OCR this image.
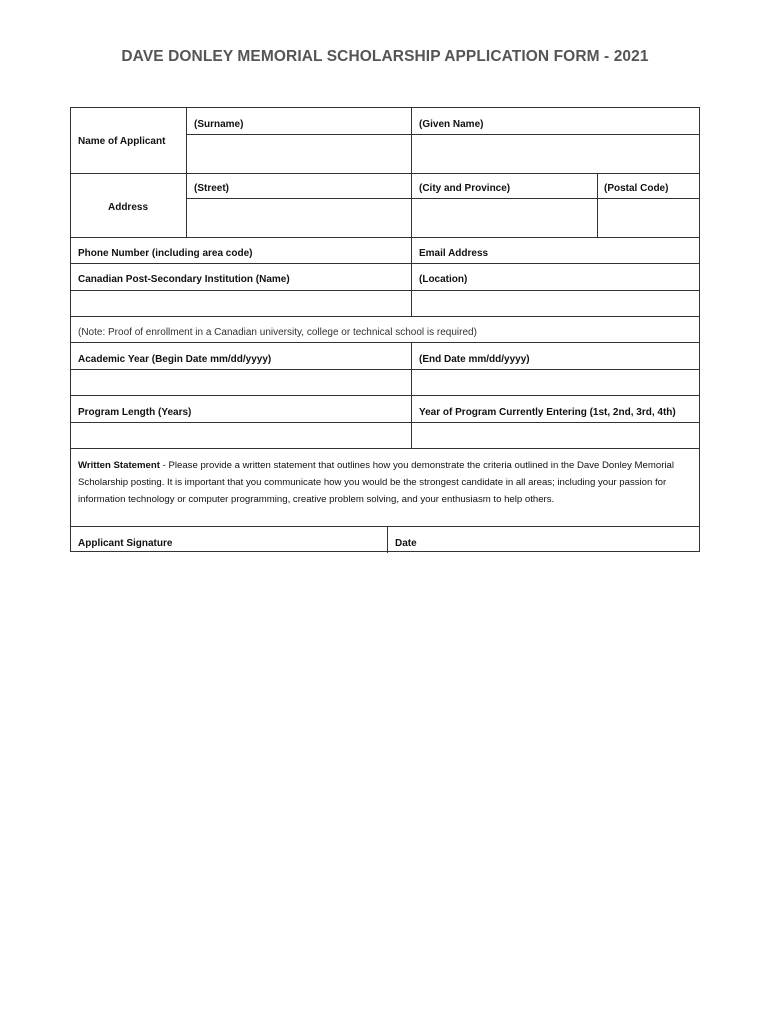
DAVE DONLEY MEMORIAL SCHOLARSHIP APPLICATION FORM - 2021
Name of Applicant
(Surname)	(Given Name)
Address
(Street)	(City and Province)	(Postal Code)
Phone Number (including area code)	Email Address
Canadian Post-Secondary Institution (Name)	(Location)
(Note: Proof of enrollment in a Canadian university, college or technical school is required)
Academic Year (Begin Date mm/dd/yyyy)	(End Date mm/dd/yyyy)
Program Length (Years)	Year of Program Currently Entering (1st, 2nd, 3rd, 4th)
Written Statement - Please provide a written statement that outlines how you demonstrate the criteria outlined in the Dave Donley Memorial Scholarship posting. It is important that you communicate how you would be the strongest candidate in all areas; including your passion for information technology or computer programming, creative problem solving, and your enthusiasm to help others.
Applicant Signature	Date
